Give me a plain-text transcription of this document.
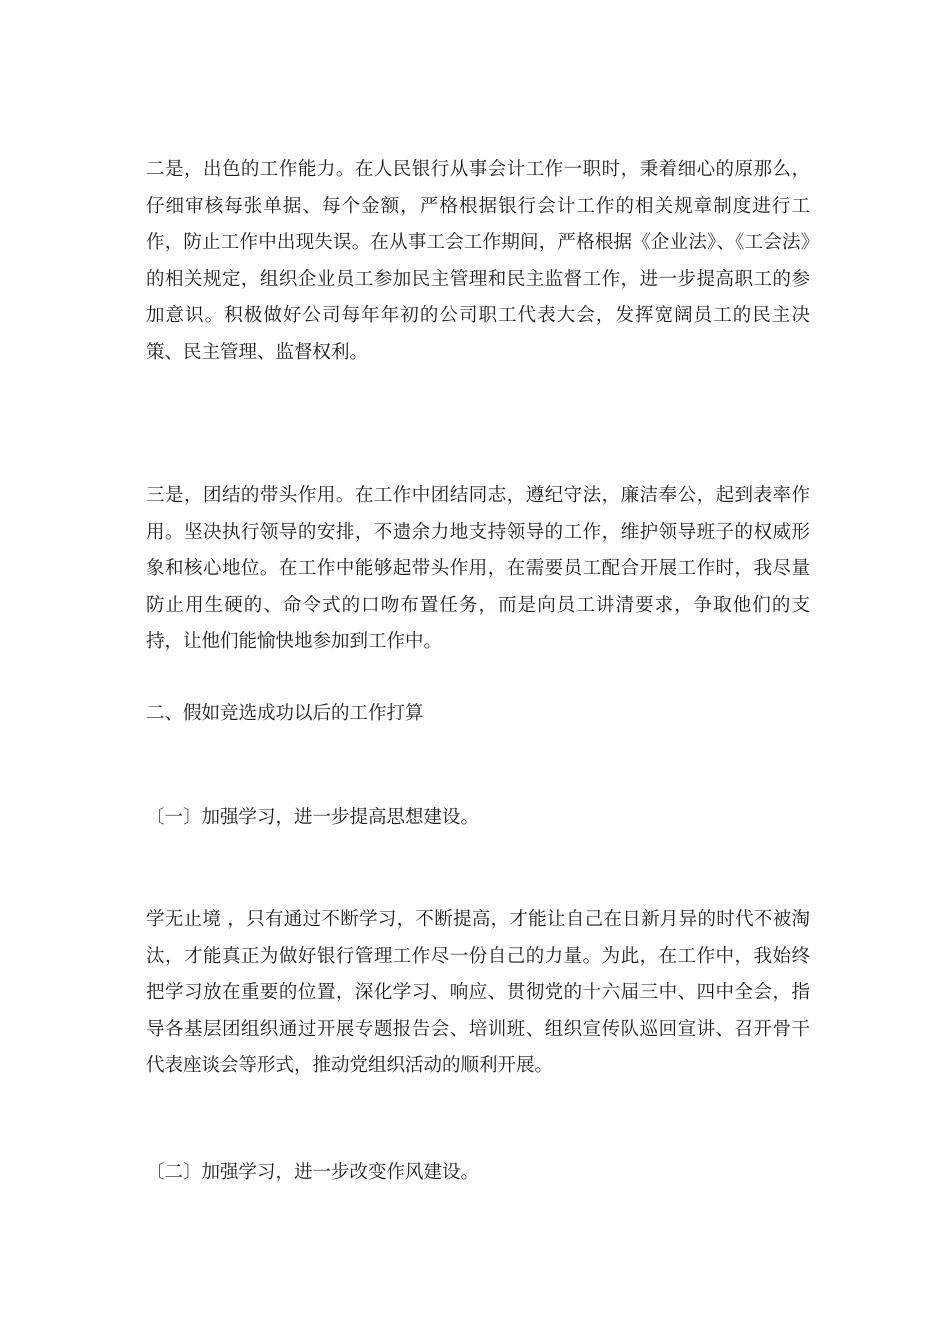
二是，出色的工作能力。在人民银行从事会计工作一职时，秉着细心的原那么，仔细审核每张单据、每个金额，严格根据银行会计工作的相关规章制度进行工作，防止工作中出现失误。在从事工会工作期间，严格根据《企业法》、《工会法》的相关规定，组织企业员工参加民主管理和民主监督工作，进一步提高职工的参加意识。积极做好公司每年年初的公司职工代表大会，发挥宽阔员工的民主决策、民主管理、监督权利。

三是，团结的带头作用。在工作中团结同志，遵纪守法，廉洁奉公，起到表率作用。坚决执行领导的安排，不遗余力地支持领导的工作，维护领导班子的权威形象和核心地位。在工作中能够起带头作用，在需要员工配合开展工作时，我尽量防止用生硬的、命令式的口吻布置任务，而是向员工讲清要求，争取他们的支持，让他们能愉快地参加到工作中。

二、假如竞选成功以后的工作打算

〔一〕加强学习，进一步提高思想建设。

学无止境 ，只有通过不断学习，不断提高，才能让自己在日新月异的时代不被淘汰，才能真正为做好银行管理工作尽一份自己的力量。为此，在工作中，我始终把学习放在重要的位置，深化学习、响应、贯彻党的十六届三中、四中全会，指导各基层团组织通过开展专题报告会、培训班、组织宣传队巡回宣讲、召开骨干代表座谈会等形式，推动党组织活动的顺利开展。

〔二〕加强学习，进一步改变作风建设。
